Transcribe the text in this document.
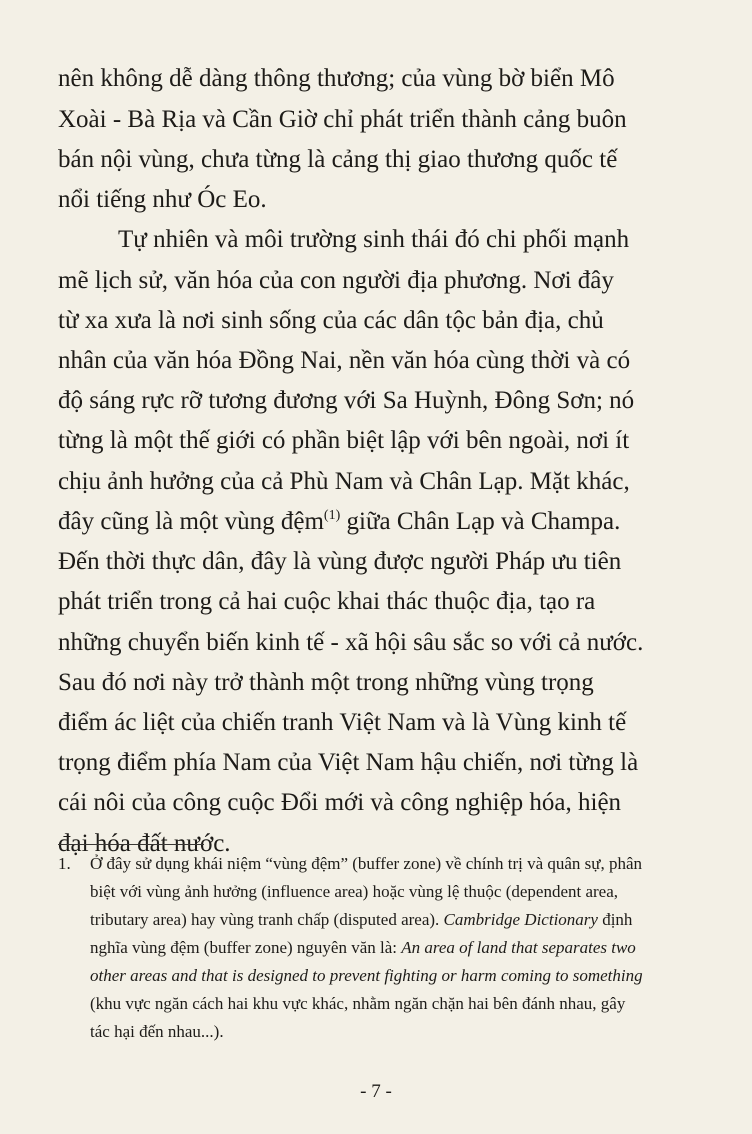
nên không dễ dàng thông thương; của vùng bờ biển Mô
Xoài - Bà Rịa và Cần Giờ chỉ phát triển thành cảng buôn
bán nội vùng, chưa từng là cảng thị giao thương quốc tế
nổi tiếng như Óc Eo.
Tự nhiên và môi trường sinh thái đó chi phối mạnh
mẽ lịch sử, văn hóa của con người địa phương. Nơi đây
từ xa xưa là nơi sinh sống của các dân tộc bản địa, chủ
nhân của văn hóa Đồng Nai, nền văn hóa cùng thời và có
độ sáng rực rỡ tương đương với Sa Huỳnh, Đông Sơn; nó
từng là một thế giới có phần biệt lập với bên ngoài, nơi ít
chịu ảnh hưởng của cả Phù Nam và Chân Lạp. Mặt khác,
đây cũng là một vùng đệm$^{(1)}$ giữa Chân Lạp và Champa.
Đến thời thực dân, đây là vùng được người Pháp ưu tiên
phát triển trong cả hai cuộc khai thác thuộc địa, tạo ra
những chuyển biến kinh tế - xã hội sâu sắc so với cả nước.
Sau đó nơi này trở thành một trong những vùng trọng
điểm ác liệt của chiến tranh Việt Nam và là Vùng kinh tế
trọng điểm phía Nam của Việt Nam hậu chiến, nơi từng là
cái nôi của công cuộc Đổi mới và công nghiệp hóa, hiện
đại hóa đất nước.
1. Ở đây sử dụng khái niệm “vùng đệm” (buffer zone) về chính trị và quân sự, phân
biệt với vùng ảnh hưởng (influence area) hoặc vùng lệ thuộc (dependent area,
tributary area) hay vùng tranh chấp (disputed area). Cambridge Dictionary định
nghĩa vùng đệm (buffer zone) nguyên văn là: An area of land that separates two
other areas and that is designed to prevent fighting or harm coming to something
(khu vực ngăn cách hai khu vực khác, nhằm ngăn chặn hai bên đánh nhau, gây
tác hại đến nhau...).
- 7 -
